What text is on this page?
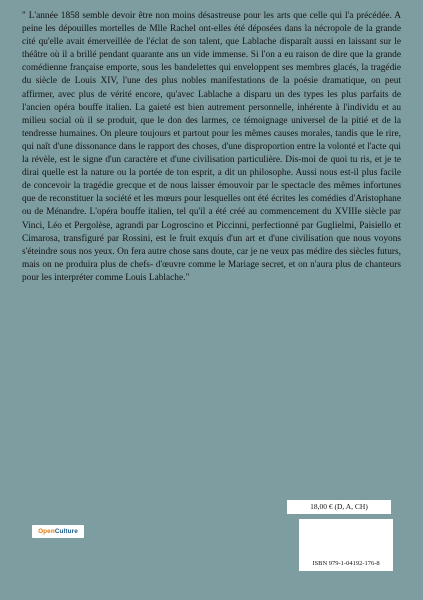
" L'année 1858 semble devoir être non moins désastreuse pour les arts que celle qui l'a précédée. A peine les dépouilles mortelles de Mlle Rachel ont-elles été déposées dans la nécropole de la grande cité qu'elle avait émerveillée de l'éclat de son talent, que Lablache disparaît aussi en laissant sur le théâtre où il a brillé pendant quarante ans un vide immense. Si l'on a eu raison de dire que la grande comédienne française emporte, sous les bandelettes qui enveloppent ses membres glacés, la tragédie du siècle de Louis XIV, l'une des plus nobles manifestations de la poésie dramatique, on peut affirmer, avec plus de vérité encore, qu'avec Lablache a disparu un des types les plus parfaits de l'ancien opéra bouffe italien. La gaieté est bien autrement personnelle, inhérente à l'individu et au milieu social où il se produit, que le don des larmes, ce témoignage universel de la pitié et de la tendresse humaines. On pleure toujours et partout pour les mêmes causes morales, tandis que le rire, qui naît d'une dissonance dans le rapport des choses, d'une disproportion entre la volonté et l'acte qui la révèle, est le signe d'un caractère et d'une civilisation particulière. Dis-moi de quoi tu ris, et je te dirai quelle est la nature ou la portée de ton esprit, a dit un philosophe. Aussi nous est-il plus facile de concevoir la tragédie grecque et de nous laisser émouvoir par le spectacle des mêmes infortunes que de reconstituer la société et les mœurs pour lesquelles ont été écrites les comédies d'Aristophane ou de Ménandre. L'opéra bouffe italien, tel qu'il a été créé au commencement du XVIIIe siècle par Vinci, Léo et Pergolèse, agrandi par Logroscino et Piccinni, perfectionné par Guglielmi, Paisiello et Cimarosa, transfiguré par Rossini, est le fruit exquis d'un art et d'une civilisation que nous voyons s'éteindre sous nos yeux. On fera autre chose sans doute, car je ne veux pas médire des siècles futurs, mais on ne produira plus de chefs- d'œuvre comme le Mariage secret, et on n'aura plus de chanteurs pour les interpréter comme Louis Lablache."

18,00 € (D, A, CH)
Open Culture
ISBN 979-1-04192-176-8
